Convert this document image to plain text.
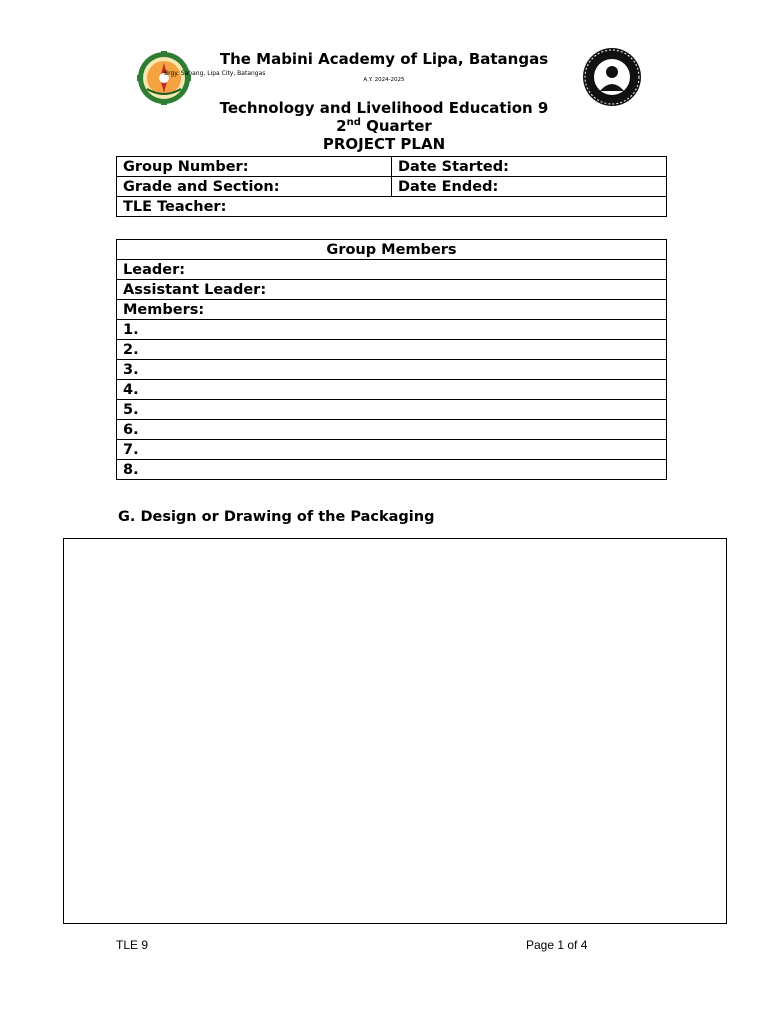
The Mabini Academy of Lipa, Batangas
Brgy. Sabang, Lipa City, Batangas
A.Y. 2024-2025
Technology and Livelihood Education 9
2nd Quarter
PROJECT PLAN
Group Number:	Date Started:
Grade and Section:	Date Ended:
TLE Teacher:	
Group Members
Leader:
Assistant Leader:
Members:
1.
2.
3.
4.
5.
6.
7.
8.
G. Design or Drawing of the Packaging
TLE 9	Page 1 of 4
